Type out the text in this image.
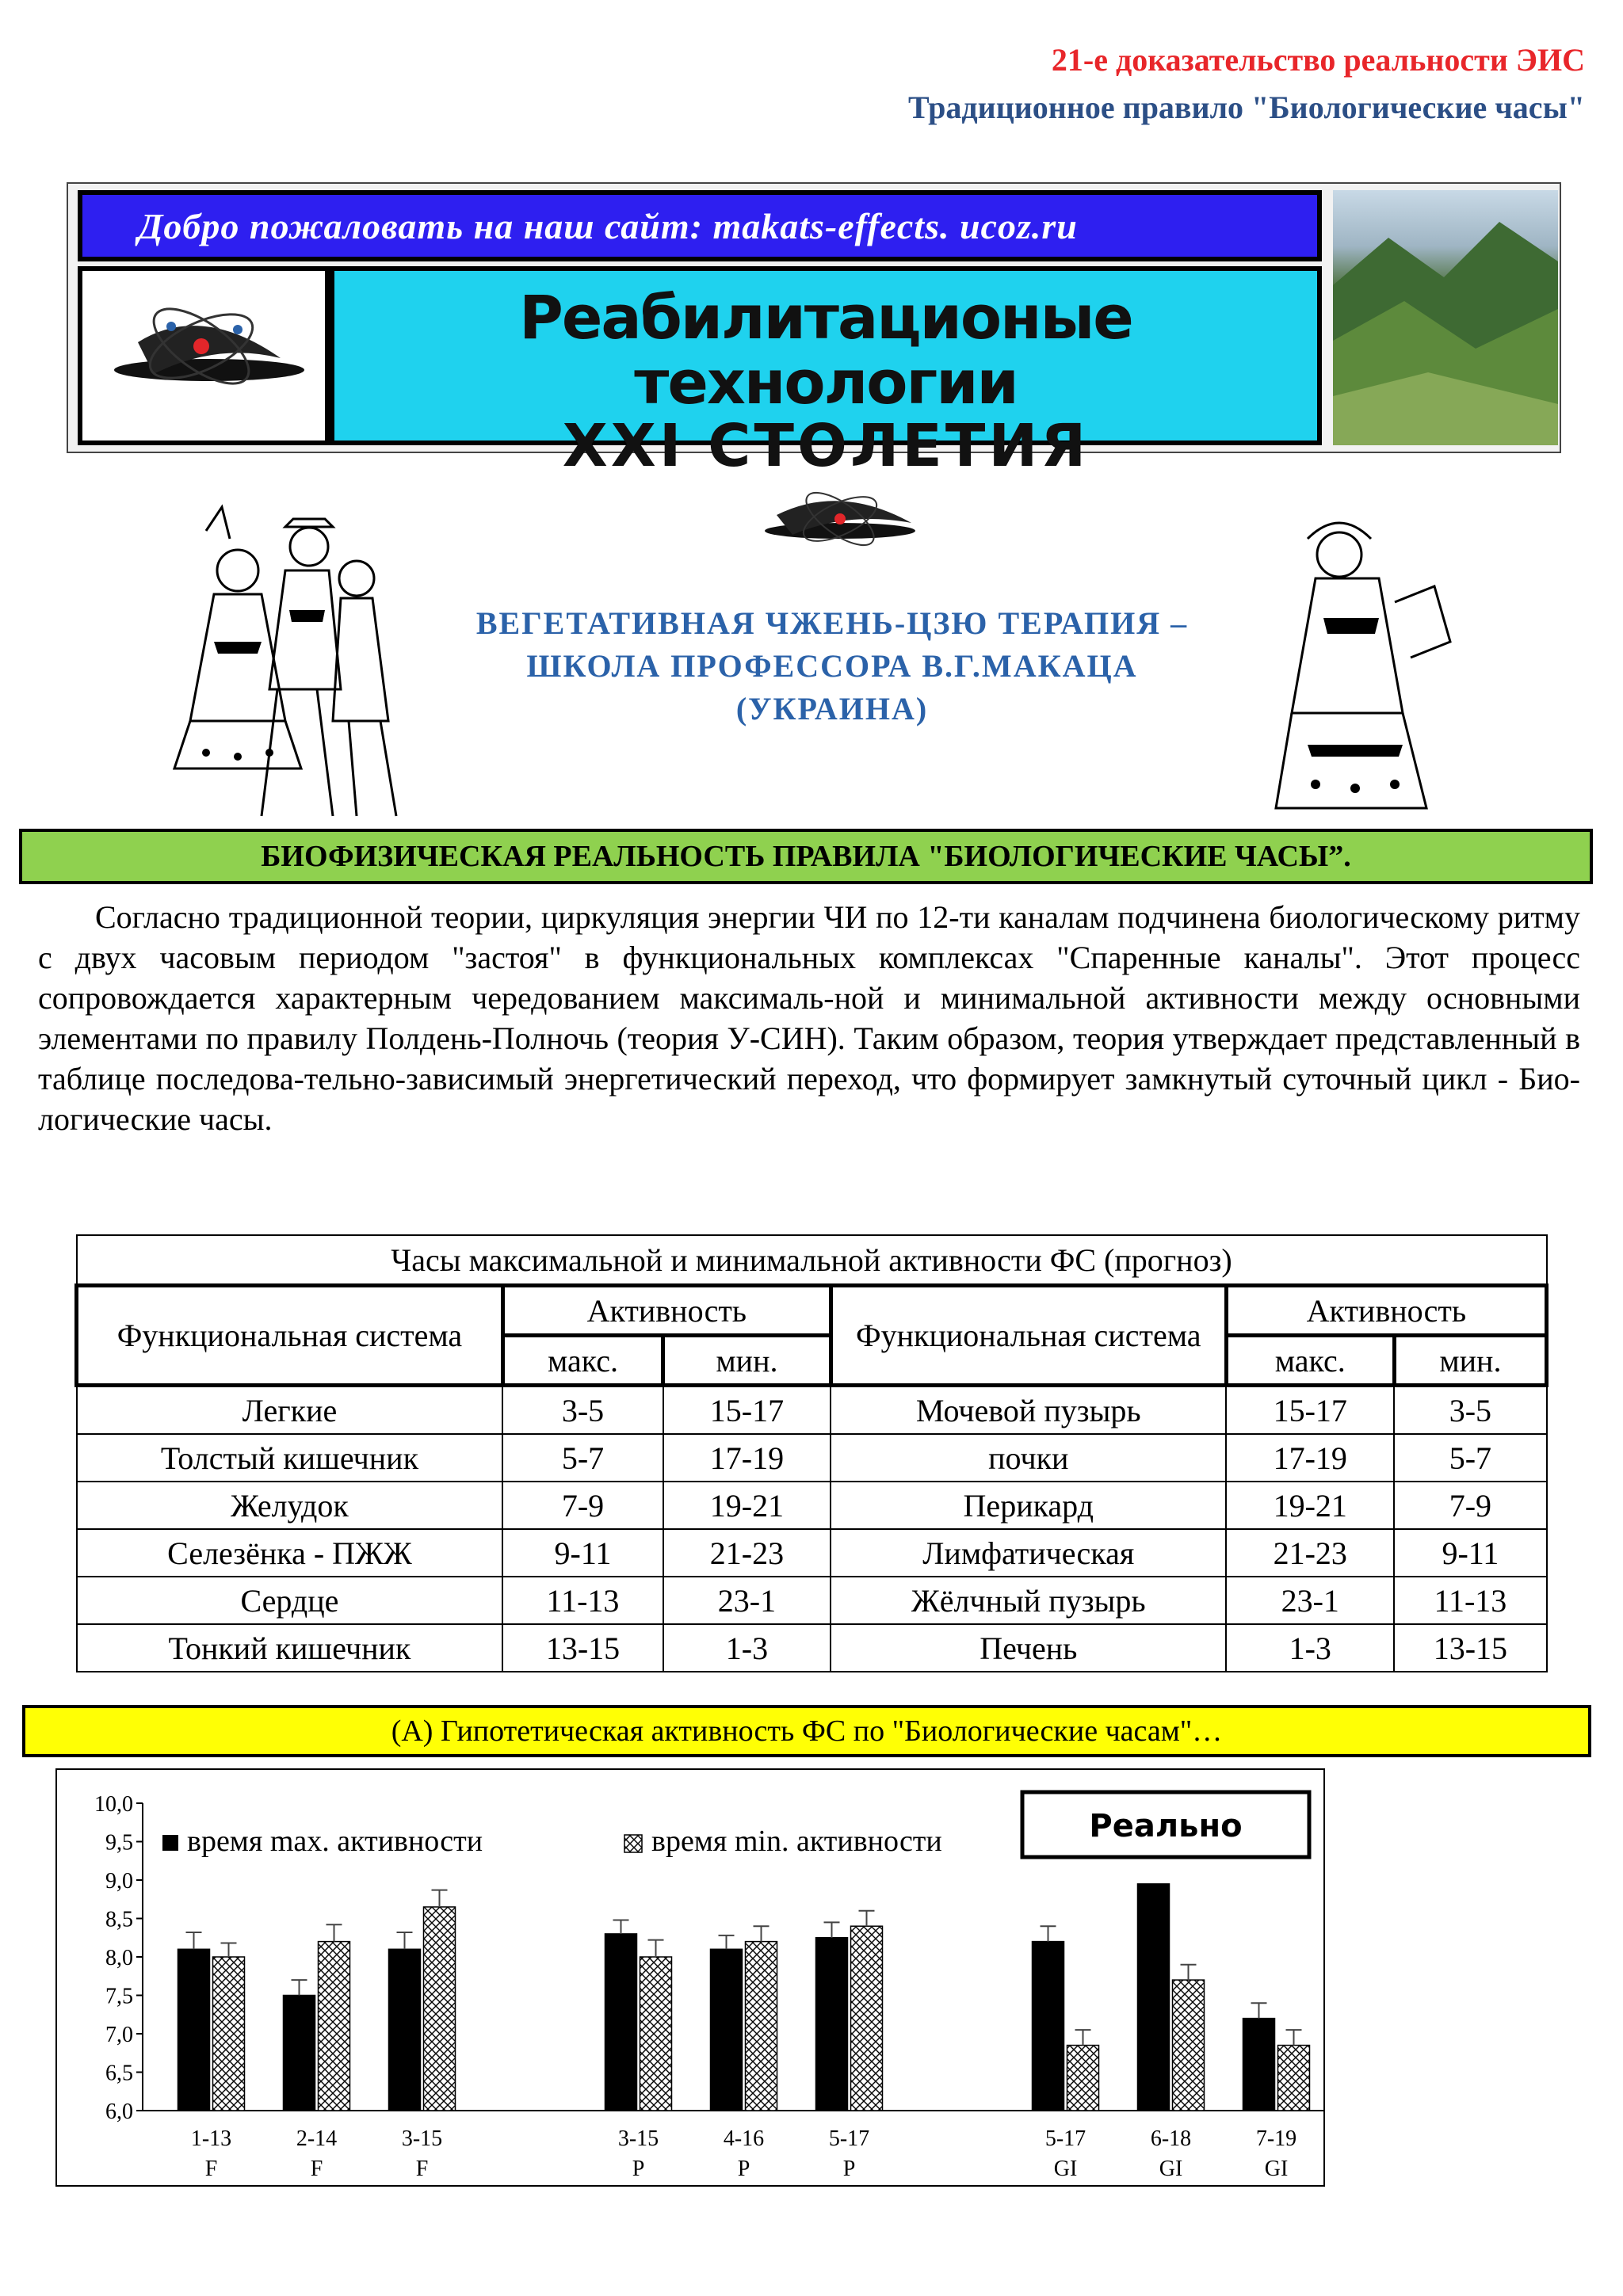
21-е доказательство реальности ЭИС
Традиционное правило "Биологические часы"
Добро пожаловать на наш сайт: makats-effects. ucoz.ru
Реабилитационые технологии
XXI СТОЛЕТИЯ
ВЕГЕТАТИВНАЯ ЧЖЕНЬ-ЦЗЮ ТЕРАПИЯ –
ШКОЛА ПРОФЕССОРА В.Г.МАКАЦА
(УКРАИНА)
БИОФИЗИЧЕСКАЯ РЕАЛЬНОСТЬ ПРАВИЛА "БИОЛОГИЧЕСКИЕ ЧАСЫ”.

Согласно традиционной теории, циркуляция энергии ЧИ по 12-ти каналам подчинена биологическому ритму с двух часовым периодом "застоя" в функциональных комплексах "Спаренные каналы". Этот процесс сопровождается характерным чередованием максималь-ной и минимальной активности между основными элементами по правилу Полдень-Полночь (теория У-СИН). Таким образом, теория утверждает представленный в таблице последова-тельно-зависимый энергетический переход, что формирует замкнутый суточный цикл - Био-логические часы.

Часы максимальной и минимальной активности ФС (прогноз)					
Функциональная система	Активность		Функциональная система	Активность	
	макс.	мин.		макс.	мин.
Легкие	3-5	15-17	Мочевой пузырь	15-17	3-5
Толстый кишечник	5-7	17-19	почки	17-19	5-7
Желудок	7-9	19-21	Перикард	19-21	7-9
Селезёнка - ПЖЖ	9-11	21-23	Лимфатическая	21-23	9-11
Сердце	11-13	23-1	Жёлчный пузырь	23-1	11-13
Тонкий кишечник	13-15	1-3	Печень	1-3	13-15
(А) Гипотетическая активность ФС по "Биологические часам"…
6,0
6,5
7,0
7,5
8,0
8,5
9,0
9,5
10,0
1-13
F
2-14
F
3-15
F
3-15
P
4-16
P
5-17
P
5-17
GI
6-18
GI
7-19
GI
время max. активности	время min. активности	Реально
